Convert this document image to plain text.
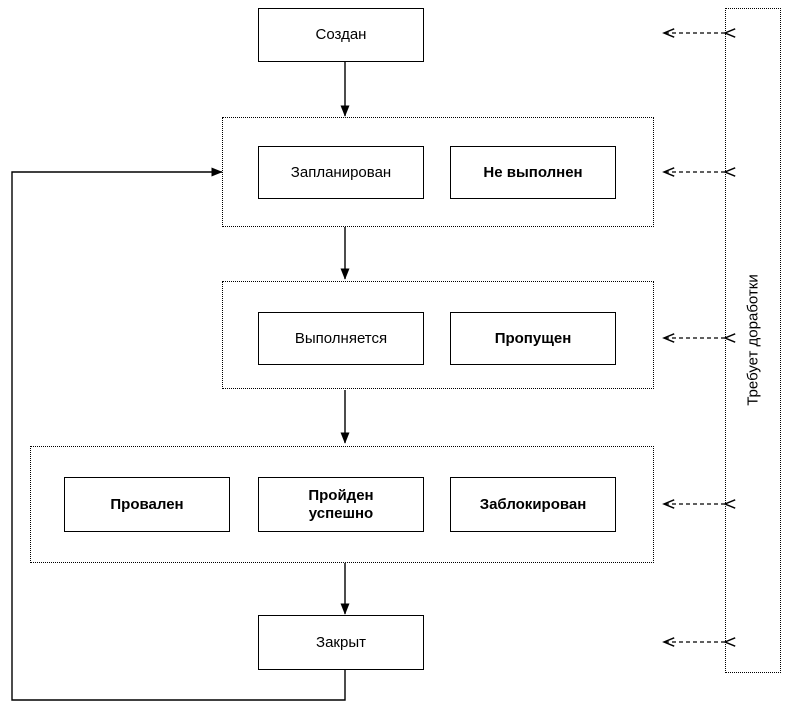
Требует доработки
Создан
Запланирован	Не выполнен
Выполняется	Пропущен
Провален
Пройден
успешно
Заблокирован
Закрыт
